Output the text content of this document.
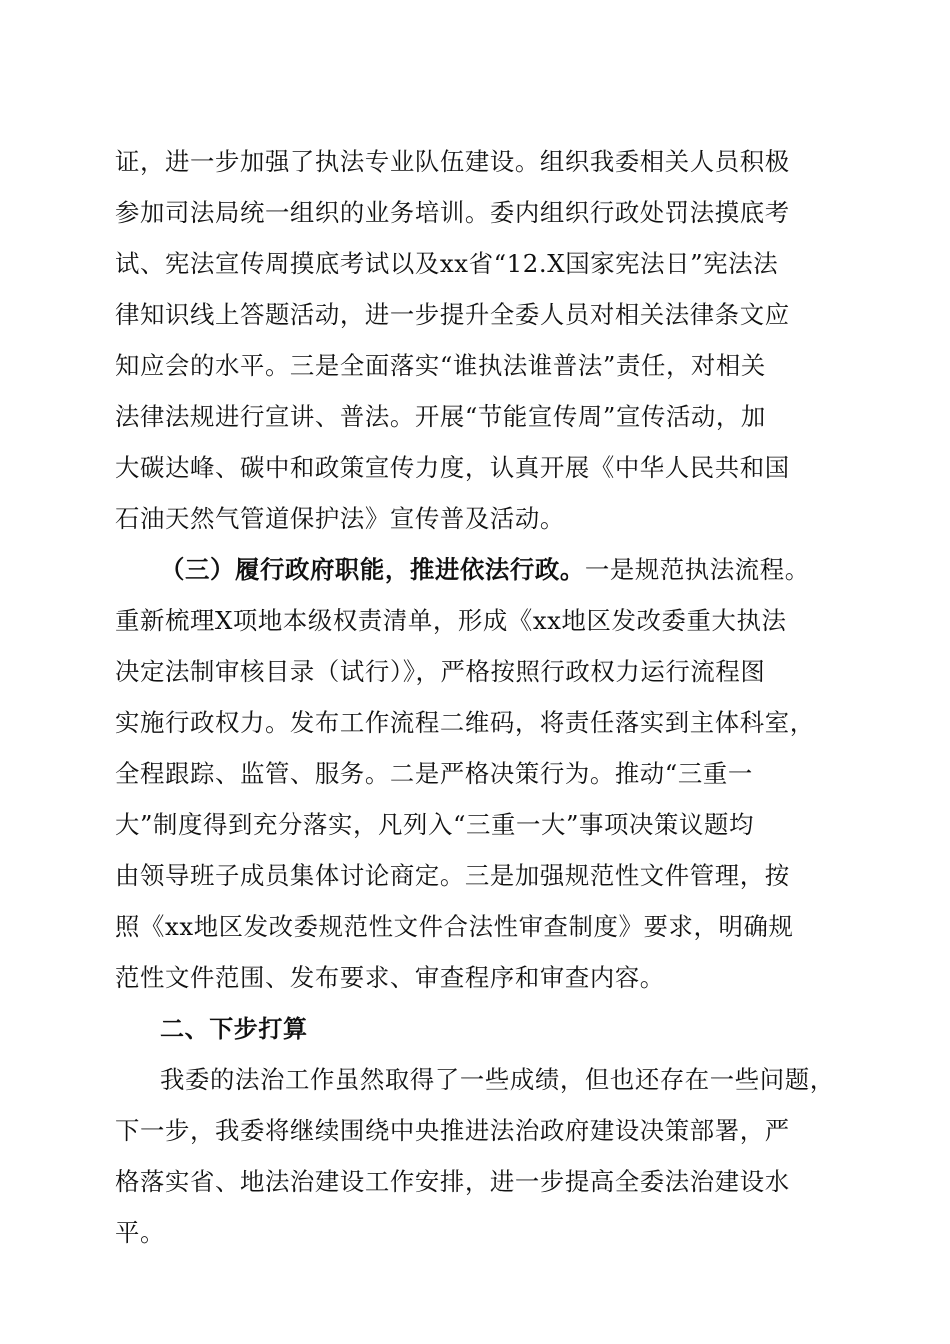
证，进一步加强了执法专业队伍建设。组织我委相关人员积极
参加司法局统一组织的业务培训。委内组织行政处罚法摸底考
试、宪法宣传周摸底考试以及xx省“12.X国家宪法日”宪法法
律知识线上答题活动，进一步提升全委人员对相关法律条文应
知应会的水平。三是全面落实“谁执法谁普法”责任，对相关
法律法规进行宣讲、普法。开展“节能宣传周”宣传活动，加
大碳达峰、碳中和政策宣传力度，认真开展《中华人民共和国
石油天然气管道保护法》宣传普及活动。
（三）履行政府职能，推进依法行政。一是规范执法流程。
重新梳理X项地本级权责清单，形成《xx地区发改委重大执法
决定法制审核目录（试行）》，严格按照行政权力运行流程图
实施行政权力。发布工作流程二维码，将责任落实到主体科室，
全程跟踪、监管、服务。二是严格决策行为。推动“三重一
大”制度得到充分落实，凡列入“三重一大”事项决策议题均
由领导班子成员集体讨论商定。三是加强规范性文件管理，按
照《xx地区发改委规范性文件合法性审查制度》要求，明确规
范性文件范围、发布要求、审查程序和审查内容。
二、下步打算
我委的法治工作虽然取得了一些成绩，但也还存在一些问题，
下一步，我委将继续围绕中央推进法治政府建设决策部署，严
格落实省、地法治建设工作安排，进一步提高全委法治建设水
平。
